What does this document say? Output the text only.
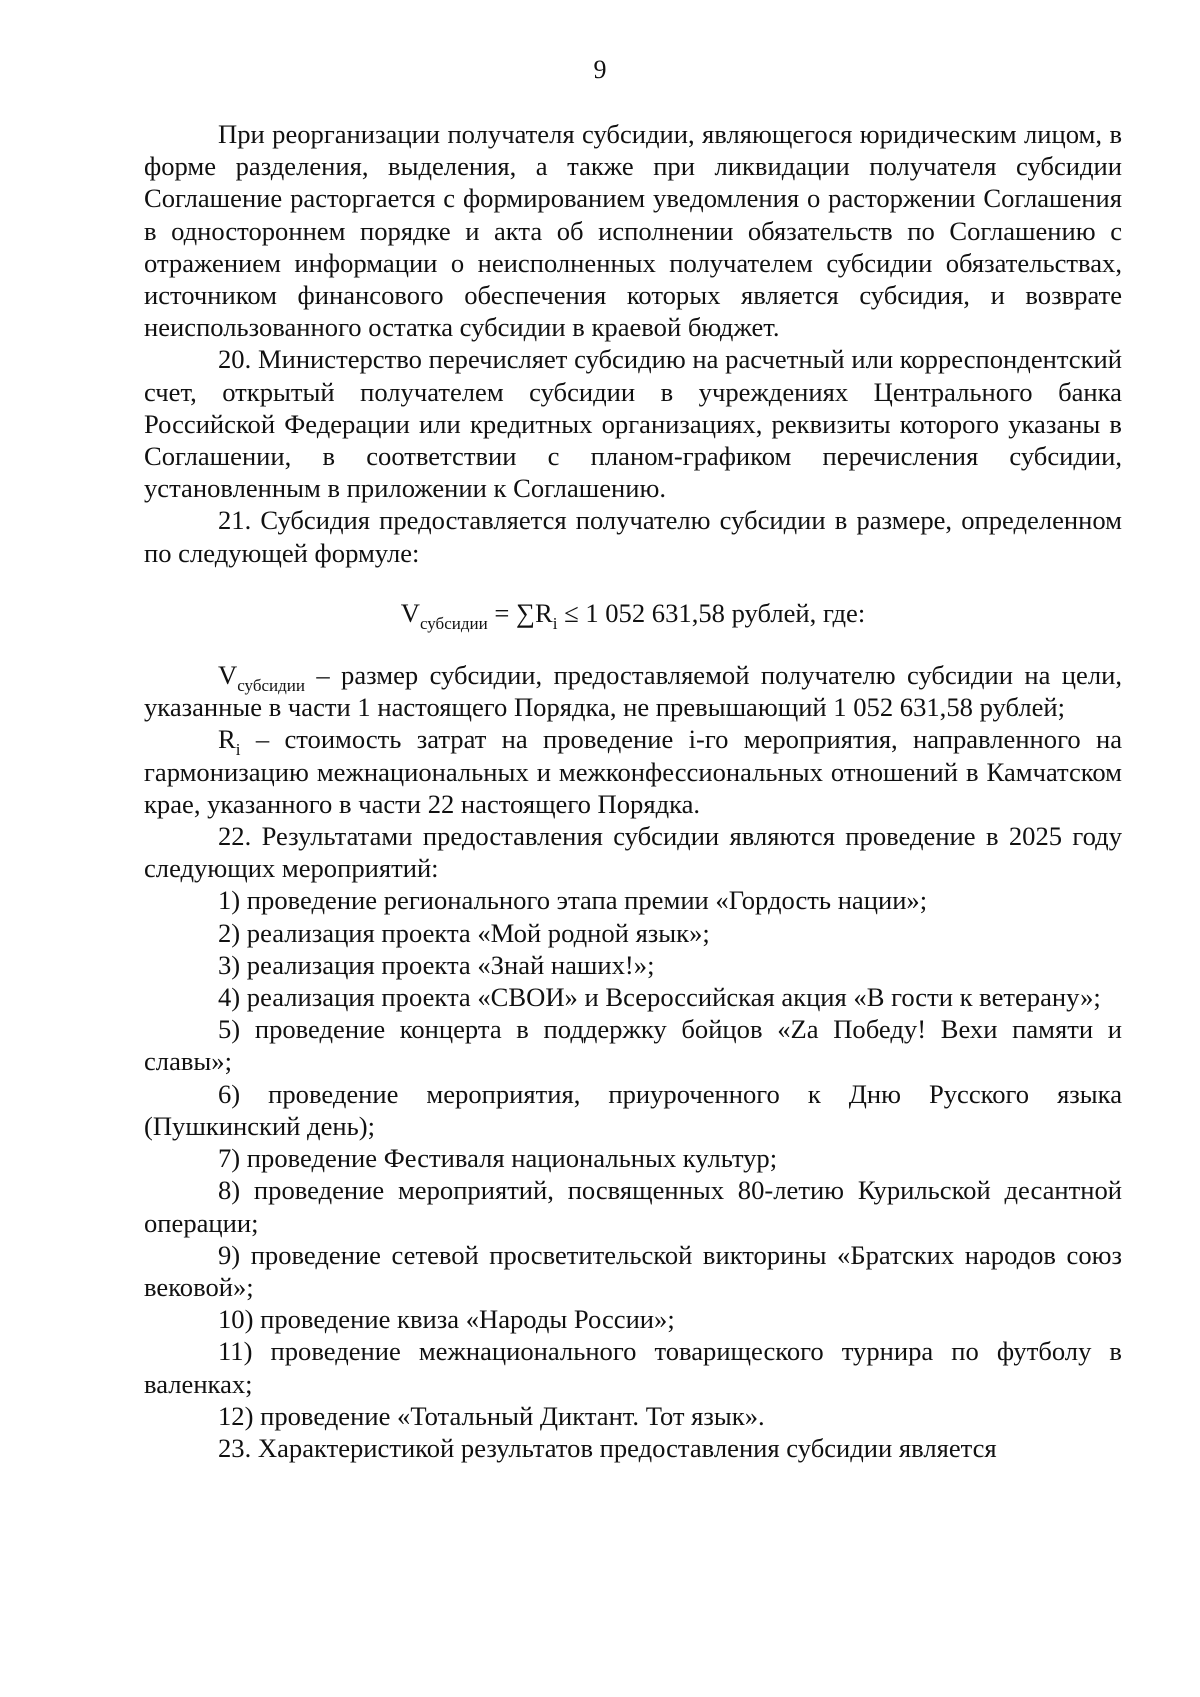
9

При реорганизации получателя субсидии, являющегося юридическим лицом, в форме разделения, выделения, а также при ликвидации получателя субсидии Соглашение расторгается с формированием уведомления о расторжении Соглашения в одностороннем порядке и акта об исполнении обязательств по Соглашению с отражением информации о неисполненных получателем субсидии обязательствах, источником финансового обеспечения которых является субсидия, и возврате неиспользованного остатка субсидии в краевой бюджет.

20. Министерство перечисляет субсидию на расчетный или корреспондентский счет, открытый получателем субсидии в учреждениях Центрального банка Российской Федерации или кредитных организациях, реквизиты которого указаны в Соглашении, в соответствии с планом-графиком перечисления субсидии, установленным в приложении к Соглашению.

21. Субсидия предоставляется получателю субсидии в размере, определенном по следующей формуле:

$V_{субсидии} = \sum R_i \le 1$ 052 631,58 рублей, где:

$V_{субсидии}$ – размер субсидии, предоставляемой получателю субсидии на цели, указанные в части 1 настоящего Порядка, не превышающий 1 052 631,58 рублей;

$R_i$ – стоимость затрат на проведение i-го мероприятия, направленного на гармонизацию межнациональных и межконфессиональных отношений в Камчатском крае, указанного в части 22 настоящего Порядка.

22. Результатами предоставления субсидии являются проведение в 2025 году следующих мероприятий:

1) проведение регионального этапа премии «Гордость нации»;

2) реализация проекта «Мой родной язык»;

3) реализация проекта «Знай наших!»;

4) реализация проекта «СВОИ» и Всероссийская акция «В гости к ветерану»;

5) проведение концерта в поддержку бойцов «Zа Победу! Вехи памяти и славы»;

6) проведение мероприятия, приуроченного к Дню Русского языка (Пушкинский день);

7) проведение Фестиваля национальных культур;

8) проведение мероприятий, посвященных 80-летию Курильской десантной операции;

9) проведение сетевой просветительской викторины «Братских народов союз вековой»;

10) проведение квиза «Народы России»;

11) проведение межнационального товарищеского турнира по футболу в валенках;

12) проведение «Тотальный Диктант. Тот язык».

23. Характеристикой результатов предоставления субсидии является
